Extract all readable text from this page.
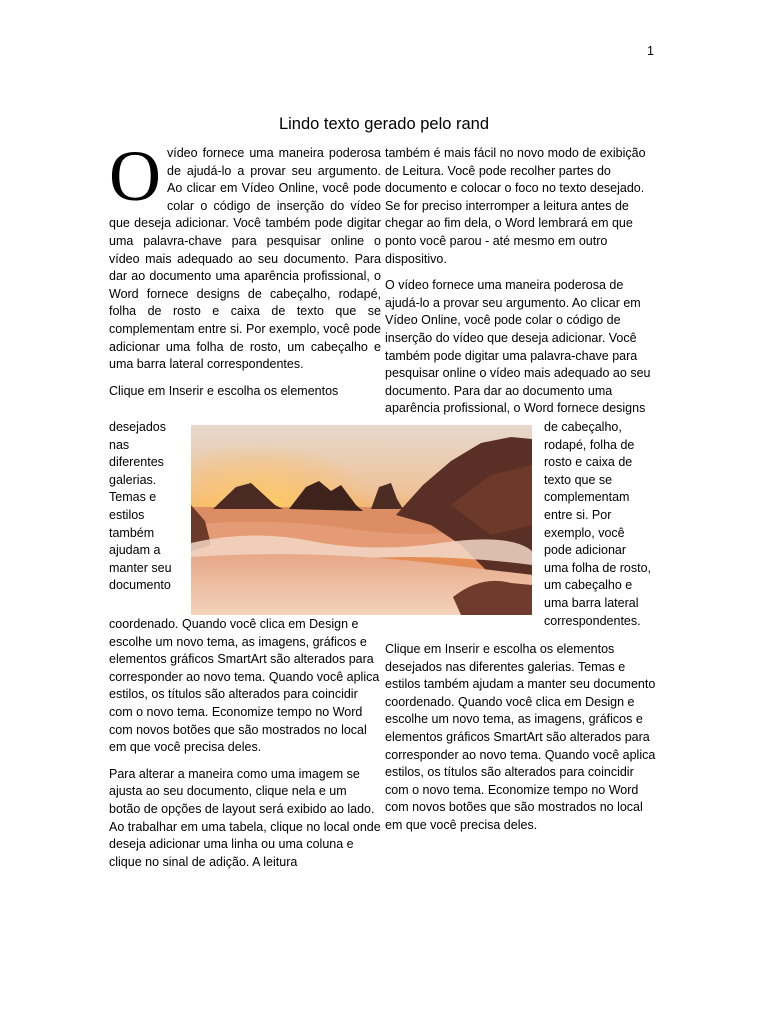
1
Lindo texto gerado pelo rand

O vídeo fornece uma maneira poderosa de ajudá-lo a provar seu argumento. Ao clicar em Vídeo Online, você pode colar o código de inserção do vídeo que deseja adicionar. Você também pode digitar uma palavra-chave para pesquisar online o vídeo mais adequado ao seu documento. Para dar ao documento uma aparência profissional, o Word fornece designs de cabeçalho, rodapé, folha de rosto e caixa de texto que se complementam entre si. Por exemplo, você pode adicionar uma folha de rosto, um cabeçalho e uma barra lateral correspondentes.

Clique em Inserir e escolha os elementos

desejados
nas
diferentes
galerias.
Temas e
estilos
também
ajudam a
manter seu
documento

também é mais fácil no novo modo de exibição de Leitura. Você pode recolher partes do documento e colocar o foco no texto desejado. Se for preciso interromper a leitura antes de chegar ao fim dela, o Word lembrará em que ponto você parou - até mesmo em outro dispositivo.

O vídeo fornece uma maneira poderosa de ajudá-lo a provar seu argumento. Ao clicar em Vídeo Online, você pode colar o código de inserção do vídeo que deseja adicionar. Você também pode digitar uma palavra-chave para pesquisar online o vídeo mais adequado ao seu documento. Para dar ao documento uma aparência profissional, o Word fornece designs

de cabeçalho,
rodapé, folha de
rosto e caixa de
texto que se
complementam
entre si. Por
exemplo, você
pode adicionar
uma folha de rosto,
um cabeçalho e
uma barra lateral
correspondentes.

coordenado. Quando você clica em Design e escolhe um novo tema, as imagens, gráficos e elementos gráficos SmartArt são alterados para corresponder ao novo tema. Quando você aplica estilos, os títulos são alterados para coincidir com o novo tema. Economize tempo no Word com novos botões que são mostrados no local em que você precisa deles.

Para alterar a maneira como uma imagem se ajusta ao seu documento, clique nela e um botão de opções de layout será exibido ao lado. Ao trabalhar em uma tabela, clique no local onde deseja adicionar uma linha ou uma coluna e clique no sinal de adição. A leitura

Clique em Inserir e escolha os elementos desejados nas diferentes galerias. Temas e estilos também ajudam a manter seu documento coordenado. Quando você clica em Design e escolhe um novo tema, as imagens, gráficos e elementos gráficos SmartArt são alterados para corresponder ao novo tema. Quando você aplica estilos, os títulos são alterados para coincidir com o novo tema. Economize tempo no Word com novos botões que são mostrados no local em que você precisa deles.
